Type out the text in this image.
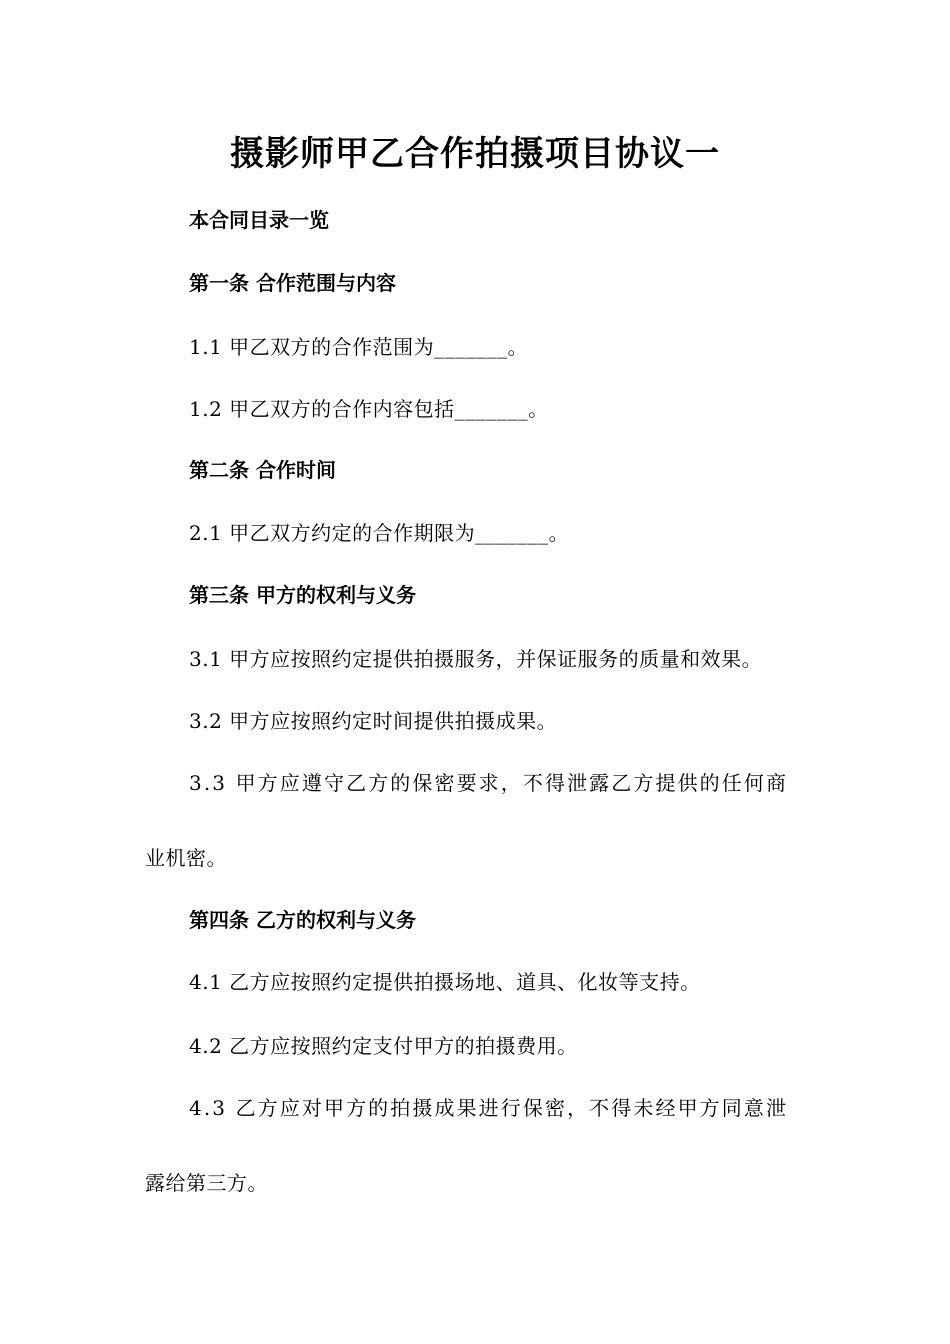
摄影师甲乙合作拍摄项目协议一
本合同目录一览
第一条 合作范围与内容
1.1 甲乙双方的合作范围为_______。
1.2 甲乙双方的合作内容包括_______。
第二条 合作时间
2.1 甲乙双方约定的合作期限为_______。
第三条 甲方的权利与义务
3.1 甲方应按照约定提供拍摄服务，并保证服务的质量和效果。
3.2 甲方应按照约定时间提供拍摄成果。
3.3 甲方应遵守乙方的保密要求，不得泄露乙方提供的任何商
业机密。
第四条 乙方的权利与义务
4.1 乙方应按照约定提供拍摄场地、道具、化妆等支持。
4.2 乙方应按照约定支付甲方的拍摄费用。
4.3 乙方应对甲方的拍摄成果进行保密，不得未经甲方同意泄
露给第三方。
